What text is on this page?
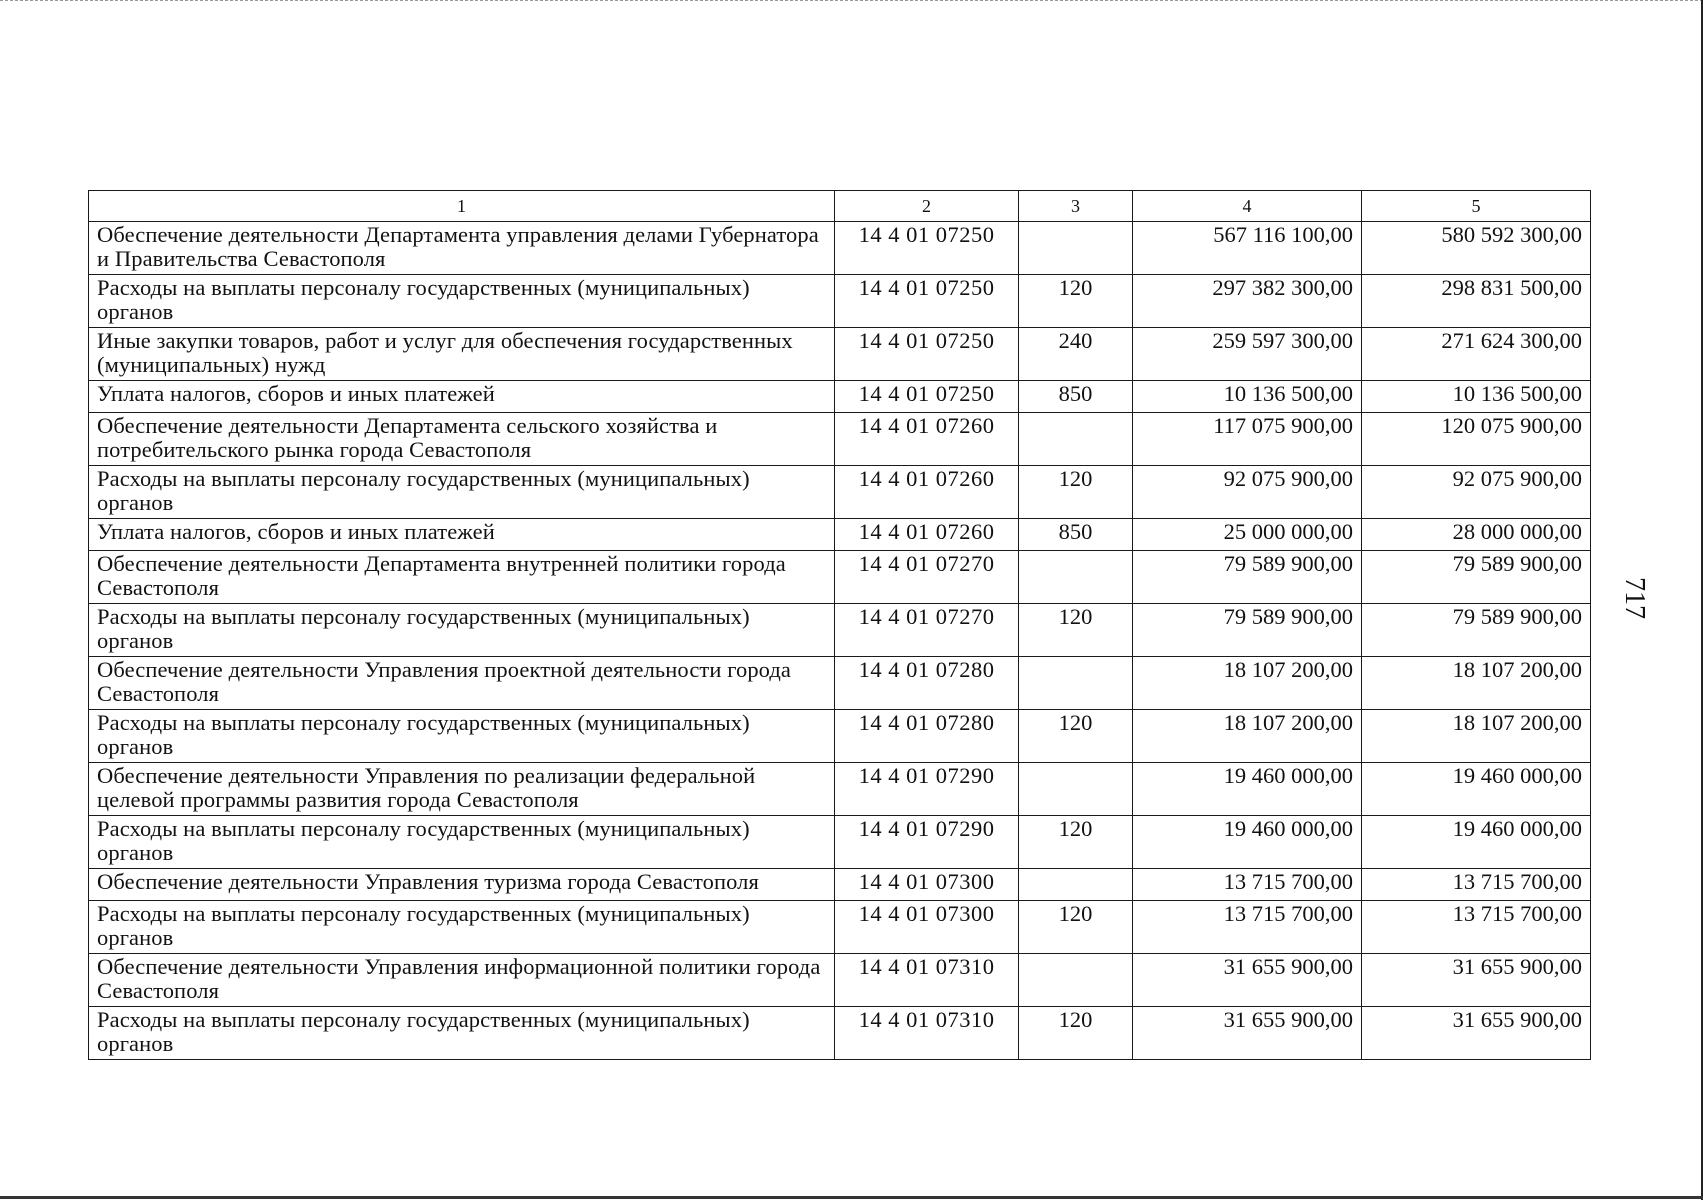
717
1	2	3	4	5
Обеспечение деятельности Департамента управления делами Губернатора и Правительства Севастополя	14 4 01 07250		567 116 100,00	580 592 300,00
Расходы на выплаты персоналу государственных (муниципальных) органов	14 4 01 07250	120	297 382 300,00	298 831 500,00
Иные закупки товаров, работ и услуг для обеспечения государственных (муниципальных) нужд	14 4 01 07250	240	259 597 300,00	271 624 300,00
Уплата налогов, сборов и иных платежей	14 4 01 07250	850	10 136 500,00	10 136 500,00
Обеспечение деятельности Департамента сельского хозяйства и потребительского рынка города Севастополя	14 4 01 07260		117 075 900,00	120 075 900,00
Расходы на выплаты персоналу государственных (муниципальных) органов	14 4 01 07260	120	92 075 900,00	92 075 900,00
Уплата налогов, сборов и иных платежей	14 4 01 07260	850	25 000 000,00	28 000 000,00
Обеспечение деятельности Департамента внутренней политики города Севастополя	14 4 01 07270		79 589 900,00	79 589 900,00
Расходы на выплаты персоналу государственных (муниципальных) органов	14 4 01 07270	120	79 589 900,00	79 589 900,00
Обеспечение деятельности Управления проектной деятельности города Севастополя	14 4 01 07280		18 107 200,00	18 107 200,00
Расходы на выплаты персоналу государственных (муниципальных) органов	14 4 01 07280	120	18 107 200,00	18 107 200,00
Обеспечение деятельности Управления по реализации федеральной целевой программы развития города Севастополя	14 4 01 07290		19 460 000,00	19 460 000,00
Расходы на выплаты персоналу государственных (муниципальных) органов	14 4 01 07290	120	19 460 000,00	19 460 000,00
Обеспечение деятельности Управления туризма города Севастополя	14 4 01 07300		13 715 700,00	13 715 700,00
Расходы на выплаты персоналу государственных (муниципальных) органов	14 4 01 07300	120	13 715 700,00	13 715 700,00
Обеспечение деятельности Управления информационной политики города Севастополя	14 4 01 07310		31 655 900,00	31 655 900,00
Расходы на выплаты персоналу государственных (муниципальных) органов	14 4 01 07310	120	31 655 900,00	31 655 900,00
